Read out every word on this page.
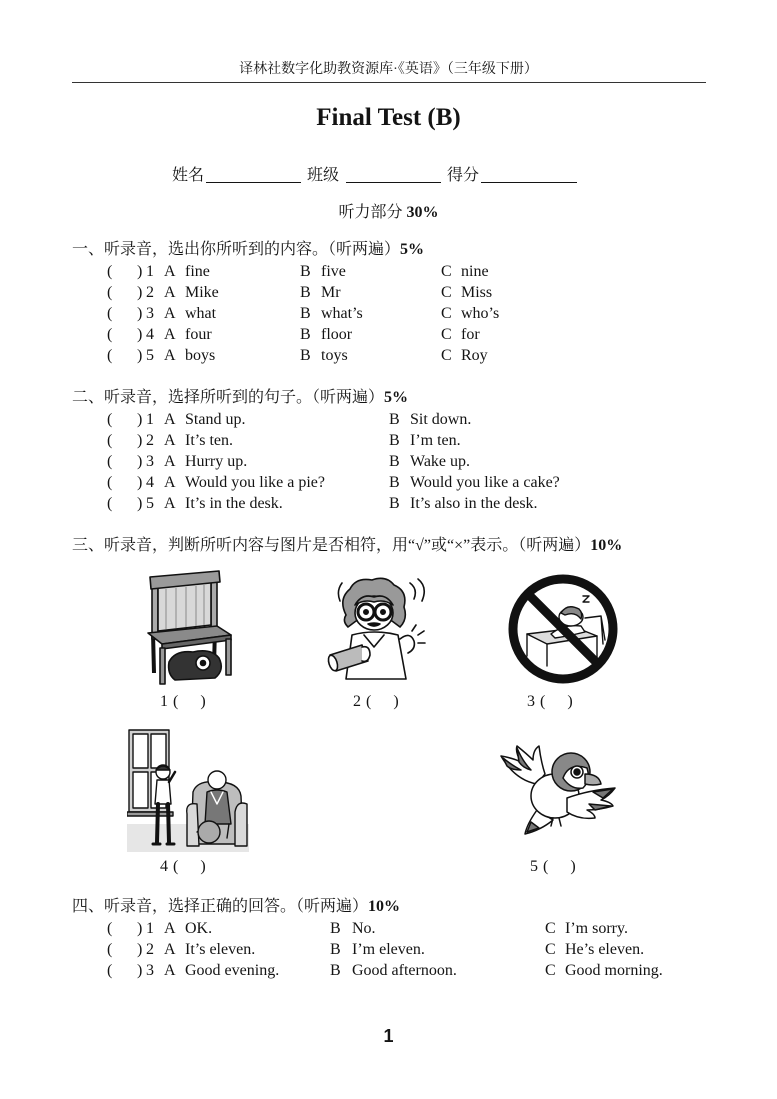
译林社数字化助教资源库·《英语》（三年级下册）
Final Test (B)
姓名	班级	得分
听力部分 30%
一、听录音，选出你所听到的内容。（听两遍）5%
( ) 1 A fine	B five	C nine
( ) 2 A Mike	B Mr	C Miss
( ) 3 A what	B what’s	C who’s
( ) 4 A four	B floor	C for
( ) 5 A boys	B toys	C Roy
二、听录音，选择所听到的句子。（听两遍）5%
( ) 1 A Stand up.	B Sit down.
( ) 2 A It’s ten.	B I’m ten.
( ) 3 A Hurry up.	B Wake up.
( ) 4 A Would you like a pie?	B Would you like a cake?
( ) 5 A It’s in the desk.	B It’s also in the desk.
三、听录音，判断所听内容与图片是否相符，用“√”或“×”表示。（听两遍）10%
1 ( )	2 ( )	3 ( )
4 ( )	5 ( )
四、听录音，选择正确的回答。（听两遍）10%
( ) 1 A OK.	B No.	C I’m sorry.
( ) 2 A It’s eleven.	B I’m eleven.	C He’s eleven.
( ) 3 A Good evening.	B Good afternoon.	C Good morning.
1
